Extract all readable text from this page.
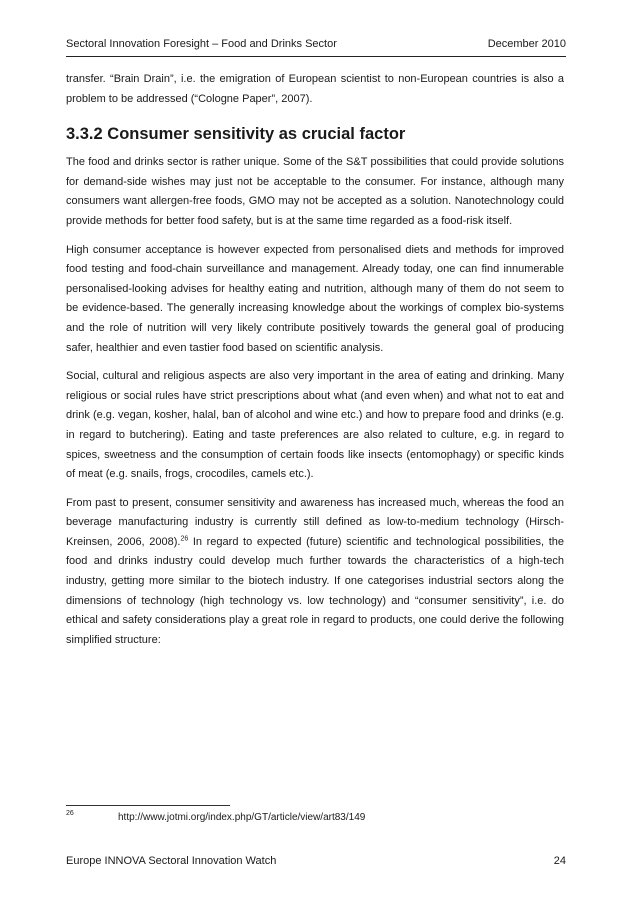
Sectoral Innovation Foresight – Food and Drinks Sector	December 2010

transfer. “Brain Drain”, i.e. the emigration of European scientist to non-European countries is also a problem to be addressed (“Cologne Paper”, 2007).

3.3.2 Consumer sensitivity as crucial factor

The food and drinks sector is rather unique. Some of the S&T possibilities that could provide solutions for demand-side wishes may just not be acceptable to the consumer. For instance, although many consumers want allergen-free foods, GMO may not be accepted as a solution. Nanotechnology could provide methods for better food safety, but is at the same time regarded as a food-risk itself.

High consumer acceptance is however expected from personalised diets and methods for improved food testing and food-chain surveillance and management. Already today, one can find innumerable personalised-looking advises for healthy eating and nutrition, although many of them do not seem to be evidence-based. The generally increasing knowledge about the workings of complex bio-systems and the role of nutrition will very likely contribute positively towards the general goal of producing safer, healthier and even tastier food based on scientific analysis.

Social, cultural and religious aspects are also very important in the area of eating and drinking. Many religious or social rules have strict prescriptions about what (and even when) and what not to eat and drink (e.g. vegan, kosher, halal, ban of alcohol and wine etc.) and how to prepare food and drinks (e.g. in regard to butchering). Eating and taste preferences are also related to culture, e.g. in regard to spices, sweetness and the consumption of certain foods like insects (entomophagy) or specific kinds of meat (e.g. snails, frogs, crocodiles, camels etc.).

From past to present, consumer sensitivity and awareness has increased much, whereas the food an beverage manufacturing industry is currently still defined as low-to-medium technology (Hirsch-Kreinsen, 2006, 2008).$^{26}$ In regard to expected (future) scientific and technological possibilities, the food and drinks industry could develop much further towards the characteristics of a high-tech industry, getting more similar to the biotech industry. If one categorises industrial sectors along the dimensions of technology (high technology vs. low technology) and “consumer sensitivity”, i.e. do ethical and safety considerations play a great role in regard to products, one could derive the following simplified structure:

26	http://www.jotmi.org/index.php/GT/article/view/art83/149
Europe INNOVA Sectoral Innovation Watch	24
